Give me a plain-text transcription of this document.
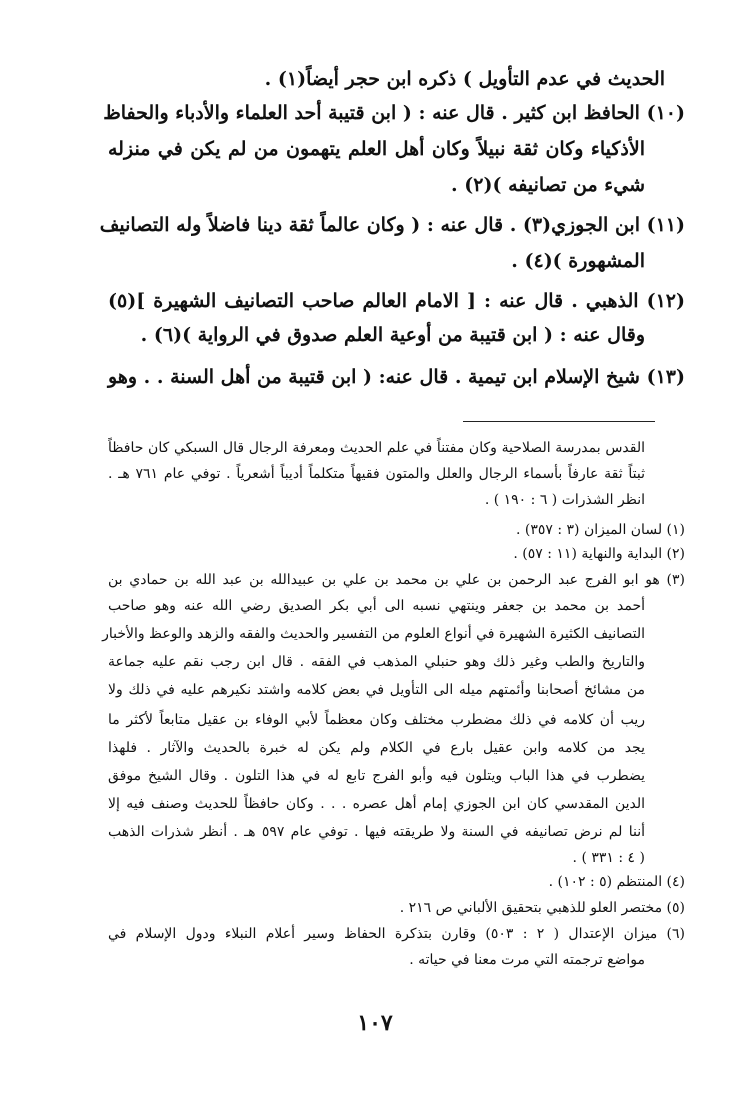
الحديث في عدم التأويل ) ذكره ابن حجر أيضاً(١) .
(١٠) الحافظ ابن كثير . قال عنه : ( ابن قتيبة أحد العلماء والأدباء والحفاظ
الأذكياء وكان ثقة نبيلاً وكان أهل العلم يتهمون من لم يكن في منزله
شيء من تصانيفه )(٢) .
(١١) ابن الجوزي(٣) . قال عنه : ( وكان عالماً ثقة دينا فاضلاً وله التصانيف
المشهورة )(٤) .
(١٢) الذهبي . قال عنه : [ الامام العالم صاحب التصانيف الشهيرة ](٥)
وقال عنه : ( ابن قتيبة من أوعية العلم صدوق في الرواية )(٦) .
(١٣) شيخ الإسلام ابن تيمية . قال عنه: ( ابن قتيبة من أهل السنة . . وهو
القدس بمدرسة الصلاحية وكان مفتناً في علم الحديث ومعرفة الرجال قال السبكي كان حافظاً
ثبتاً ثقة عارفاً بأسماء الرجال والعلل والمتون فقيهاً متكلماً أديباً أشعرياً . توفي عام ٧٦١ هـ .
انظر الشذرات ( ٦ : ١٩٠ ) .
(١) لسان الميزان (٣ : ٣٥٧) .
(٢) البداية والنهاية (١١ : ٥٧) .
(٣) هو ابو الفرج عبد الرحمن بن علي بن محمد بن علي بن عبيدالله بن عبد الله بن حمادي بن
أحمد بن محمد بن جعفر وينتهي نسبه الى أبي بكر الصديق رضي الله عنه وهو صاحب
التصانيف الكثيرة الشهيرة في أنواع العلوم من التفسير والحديث والفقه والزهد والوعظ والأخبار
والتاريخ والطب وغير ذلك وهو حنبلي المذهب في الفقه . قال ابن رجب نقم عليه جماعة
من مشائخ أصحابنا وأئمتهم ميله الى التأويل في بعض كلامه واشتد نكيرهم عليه في ذلك ولا
ريب أن كلامه في ذلك مضطرب مختلف وكان معظماً لأبي الوفاء بن عقيل متابعاً لأكثر ما
يجد من كلامه وابن عقيل بارع في الكلام ولم يكن له خبرة بالحديث والآثار . فلهذا
يضطرب في هذا الباب ويتلون فيه وأبو الفرج تابع له في هذا التلون . وقال الشيخ موفق
الدين المقدسي كان ابن الجوزي إمام أهل عصره . . . وكان حافظاً للحديث وصنف فيه إلا
أننا لم نرض تصانيفه في السنة ولا طريقته فيها . توفي عام ٥٩٧ هـ . أنظر شذرات الذهب
( ٤ : ٣٣١ ) .
(٤) المنتظم (٥ : ١٠٢) .
(٥) مختصر العلو للذهبي بتحقيق الألباني ص ٢١٦ .
(٦) ميزان الإعتدال ( ٢ : ٥٠٣) وقارن بتذكرة الحفاظ وسير أعلام النبلاء ودول الإسلام في
مواضع ترجمته التي مرت معنا في حياته .
١٠٧
